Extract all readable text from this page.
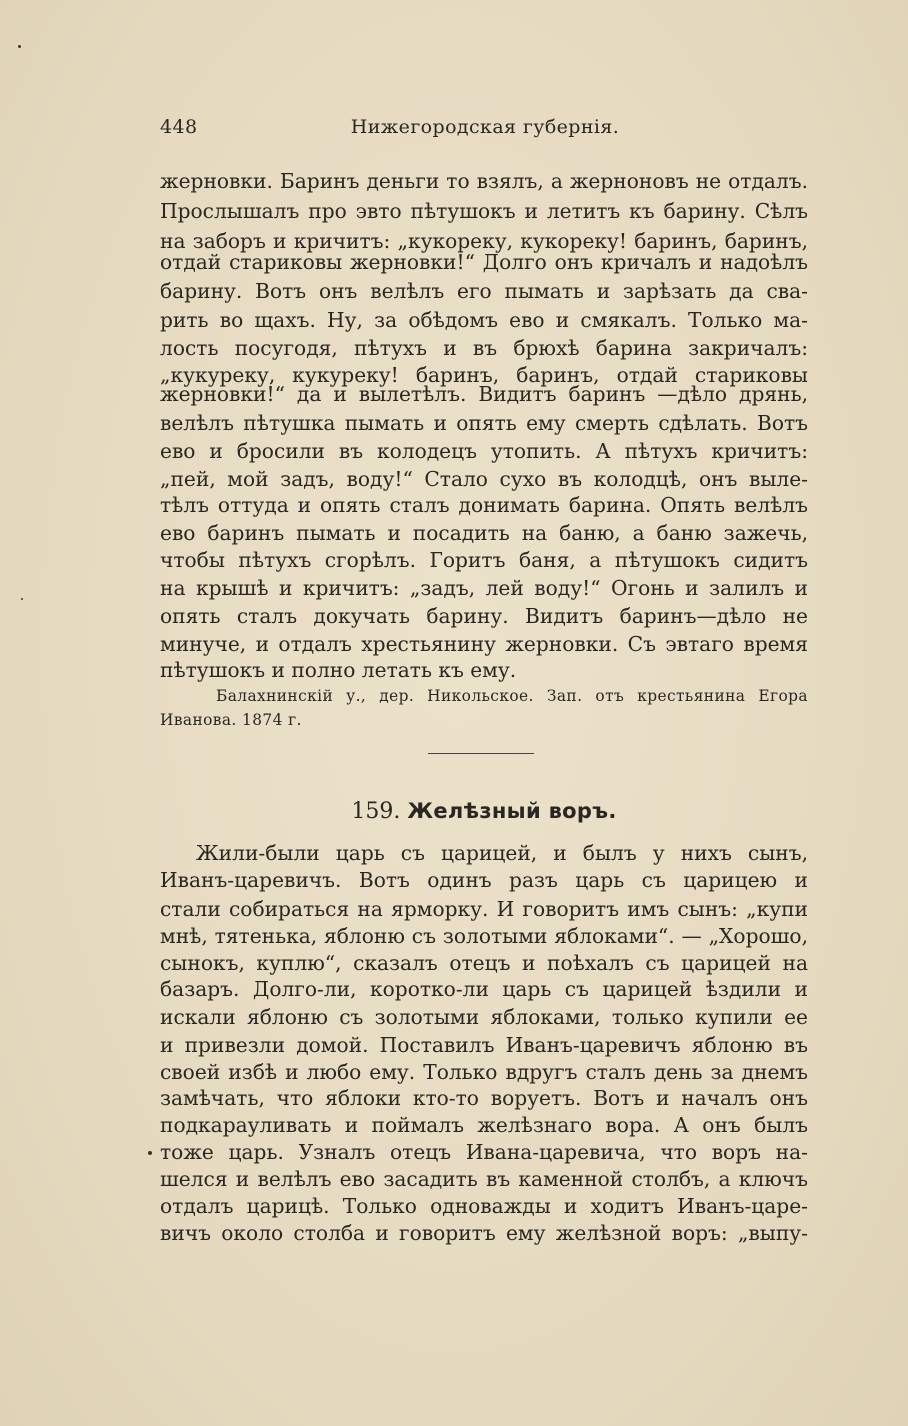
448	Нижегородская губернія.
жерновки. Баринъ деньги то взялъ, а жерноновъ не отдалъ.
Прослышалъ про эвто пѣтушокъ и летитъ къ барину. Сѣлъ
на заборъ и кричитъ: „кукореку, кукореку! баринъ, баринъ,
отдай стариковы жерновки!“ Долго онъ кричалъ и надоѣлъ
барину. Вотъ онъ велѣлъ его пымать и зарѣзать да сва-
рить во щахъ. Ну, за обѣдомъ ево и смякалъ. Только ма-
лость посугодя, пѣтухъ и въ брюхѣ барина закричалъ:
„кукуреку, кукуреку! баринъ, баринъ, отдай стариковы
жерновки!“ да и вылетѣлъ. Видитъ баринъ —дѣло дрянь,
велѣлъ пѣтушка пымать и опять ему смерть сдѣлать. Вотъ
ево и бросили въ колодецъ утопить. А пѣтухъ кричитъ:
„пей, мой задъ, воду!“ Стало сухо въ колодцѣ, онъ выле-
тѣлъ оттуда и опять сталъ донимать барина. Опять велѣлъ
ево баринъ пымать и посадить на баню, а баню зажечь,
чтобы пѣтухъ сгорѣлъ. Горитъ баня, а пѣтушокъ сидитъ
на крышѣ и кричитъ: „задъ, лей воду!“ Огонь и залилъ и
опять сталъ докучать барину. Видитъ баринъ—дѣло не
минуче, и отдалъ хрестьянину жерновки. Съ эвтаго время
пѣтушокъ и полно летать къ ему.
Балахнинскій у., дер. Никольское. Зап. отъ крестьянина Егора
Иванова. 1874 г.
159. Желѣзный воръ.
Жили-были царь съ царицей, и былъ у нихъ сынъ,
Иванъ-царевичъ. Вотъ одинъ разъ царь съ царицею и
стали собираться на ярморку. И говоритъ имъ сынъ: „купи
мнѣ, тятенька, яблоню съ золотыми яблоками“. — „Хорошо,
сынокъ, куплю“, сказалъ отецъ и поѣхалъ съ царицей на
базаръ. Долго-ли, коротко-ли царь съ царицей ѣздили и
искали яблоню съ золотыми яблоками, только купили ее
и привезли домой. Поставилъ Иванъ-царевичъ яблоню въ
своей избѣ и любо ему. Только вдругъ сталъ день за днемъ
замѣчать, что яблоки кто-то воруетъ. Вотъ и началъ онъ
подкарауливать и поймалъ желѣзнаго вора. А онъ былъ
тоже царь. Узналъ отецъ Ивана-царевича, что воръ на-
шелся и велѣлъ ево засадить въ каменной столбъ, а ключъ
отдалъ царицѣ. Только одноважды и ходитъ Иванъ-царе-
вичъ около столба и говоритъ ему желѣзной воръ: „выпу-
